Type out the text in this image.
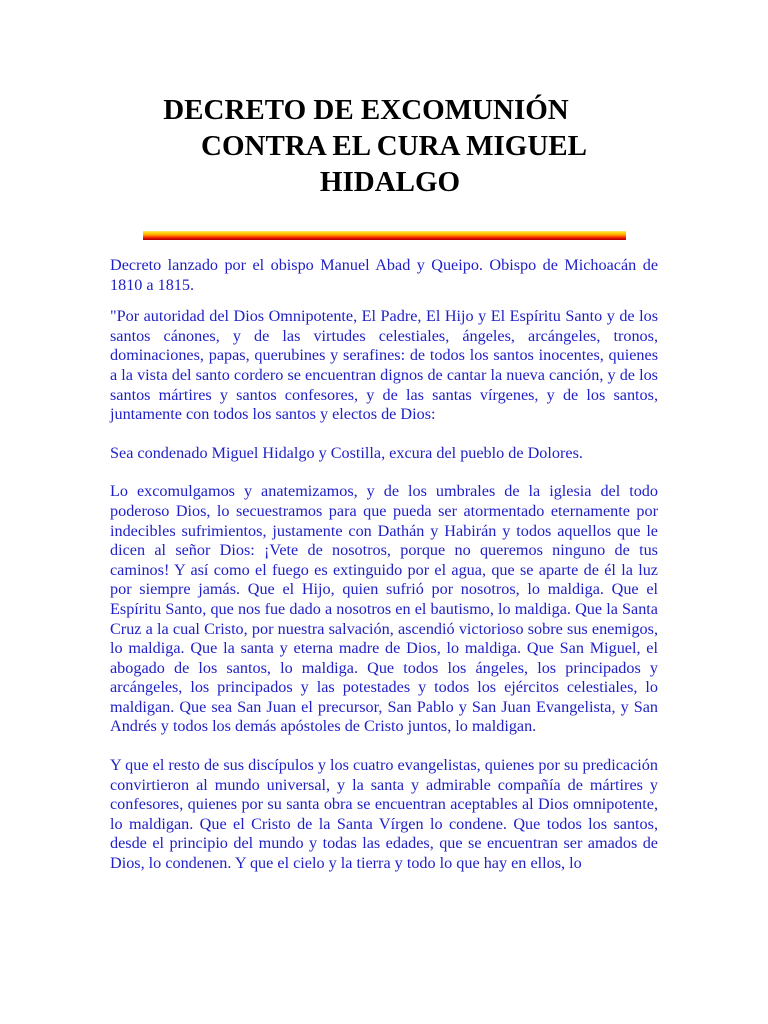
DECRETO DE EXCOMUNIÓN
CONTRA EL CURA MIGUEL
HIDALGO

Decreto lanzado por el obispo Manuel Abad y Queipo. Obispo de Michoacán de 1810 a 1815.

"Por autoridad del Dios Omnipotente, El Padre, El Hijo y El Espíritu Santo y de los santos cánones, y de las virtudes celestiales, ángeles, arcángeles, tronos, dominaciones, papas, querubines y serafines: de todos los santos inocentes, quienes a la vista del santo cordero se encuentran dignos de cantar la nueva canción, y de los santos mártires y santos confesores, y de las santas vírgenes, y de los santos, juntamente con todos los santos y electos de Dios:

Sea condenado Miguel Hidalgo y Costilla, excura del pueblo de Dolores.

Lo excomulgamos y anatemizamos, y de los umbrales de la iglesia del todo poderoso Dios, lo secuestramos para que pueda ser atormentado eternamente por indecibles sufrimientos, justamente con Dathán y Habirán y todos aquellos que le dicen al señor Dios: ¡Vete de nosotros, porque no queremos ninguno de tus caminos! Y así como el fuego es extinguido por el agua, que se aparte de él la luz por siempre jamás. Que el Hijo, quien sufrió por nosotros, lo maldiga. Que el Espíritu Santo, que nos fue dado a nosotros en el bautismo, lo maldiga. Que la Santa Cruz a la cual Cristo, por nuestra salvación, ascendió victorioso sobre sus enemigos, lo maldiga. Que la santa y eterna madre de Dios, lo maldiga. Que San Miguel, el abogado de los santos, lo maldiga. Que todos los ángeles, los principados y arcángeles, los principados y las potestades y todos los ejércitos celestiales, lo maldigan. Que sea San Juan el precursor, San Pablo y San Juan Evangelista, y San Andrés y todos los demás apóstoles de Cristo juntos, lo maldigan.

Y que el resto de sus discípulos y los cuatro evangelistas, quienes por su predicación convirtieron al mundo universal, y la santa y admirable compañía de mártires y confesores, quienes por su santa obra se encuentran aceptables al Dios omnipotente, lo maldigan. Que el Cristo de la Santa Vírgen lo condene. Que todos los santos, desde el principio del mundo y todas las edades, que se encuentran ser amados de Dios, lo condenen. Y que el cielo y la tierra y todo lo que hay en ellos, lo
